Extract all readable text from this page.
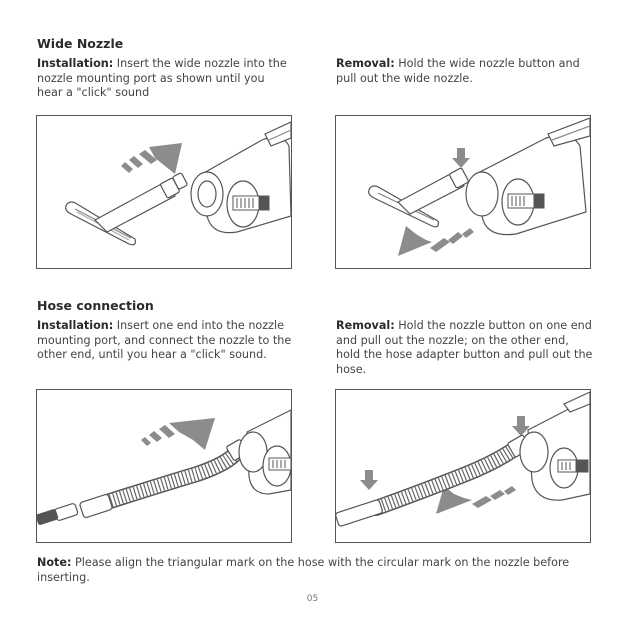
Wide Nozzle

Installation: Insert the wide nozzle into the nozzle mounting port as shown until you hear a "click" sound

Removal: Hold the wide nozzle button and pull out the wide nozzle.

Hose connection

Installation: Insert one end into the nozzle mounting port, and connect the nozzle to the other end, until you hear a "click" sound.

Removal: Hold the nozzle button on one end and pull out the nozzle; on the other end, hold the hose adapter button and pull out the hose.

Note: Please align the triangular mark on the hose with the circular mark on the nozzle before inserting.

05
